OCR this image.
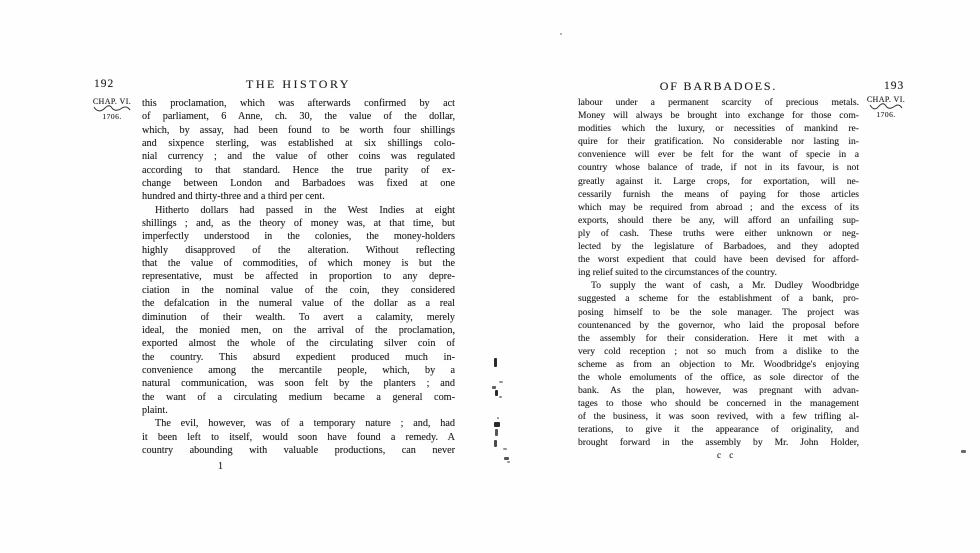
192	THE HISTORY
CHAP. VI.
1706.
this proclamation, which was afterwards confirmed by act
of parliament, 6 Anne, ch. 30, the value of the dollar,
which, by assay, had been found to be worth four shillings
and sixpence sterling, was established at six shillings colo-
nial currency ; and the value of other coins was regulated
according to that standard. Hence the true parity of ex-
change between London and Barbadoes was fixed at one
hundred and thirty-three and a third per cent.
Hitherto dollars had passed in the West Indies at eight
shillings ; and, as the theory of money was, at that time, but
imperfectly understood in the colonies, the money-holders
highly disapproved of the alteration. Without reflecting
that the value of commodities, of which money is but the
representative, must be affected in proportion to any depre-
ciation in the nominal value of the coin, they considered
the defalcation in the numeral value of the dollar as a real
diminution of their wealth. To avert a calamity, merely
ideal, the monied men, on the arrival of the proclamation,
exported almost the whole of the circulating silver coin of
the country. This absurd expedient produced much in-
convenience among the mercantile people, which, by a
natural communication, was soon felt by the planters ; and
the want of a circulating medium became a general com-
plaint.
The evil, however, was of a temporary nature ; and, had
it been left to itself, would soon have found a remedy. A
country abounding with valuable productions, can never
1
OF BARBADOES.	193
CHAP. VI.
1706.
labour under a permanent scarcity of precious metals.
Money will always be brought into exchange for those com-
modities which the luxury, or necessities of mankind re-
quire for their gratification. No considerable nor lasting in-
convenience will ever be felt for the want of specie in a
country whose balance of trade, if not in its favour, is not
greatly against it. Large crops, for exportation, will ne-
cessarily furnish the means of paying for those articles
which may be required from abroad ; and the excess of its
exports, should there be any, will afford an unfailing sup-
ply of cash. These truths were either unknown or neg-
lected by the legislature of Barbadoes, and they adopted
the worst expedient that could have been devised for afford-
ing relief suited to the circumstances of the country.
To supply the want of cash, a Mr. Dudley Woodbridge
suggested a scheme for the establishment of a bank, pro-
posing himself to be the sole manager. The project was
countenanced by the governor, who laid the proposal before
the assembly for their consideration. Here it met with a
very cold reception ; not so much from a dislike to the
scheme as from an objection to Mr. Woodbridge's enjoying
the whole emoluments of the office, as sole director of the
bank. As the plan, however, was pregnant with advan-
tages to those who should be concerned in the management
of the business, it was soon revived, with a few trifling al-
terations, to give it the appearance of originality, and
brought forward in the assembly by Mr. John Holder,
c c
